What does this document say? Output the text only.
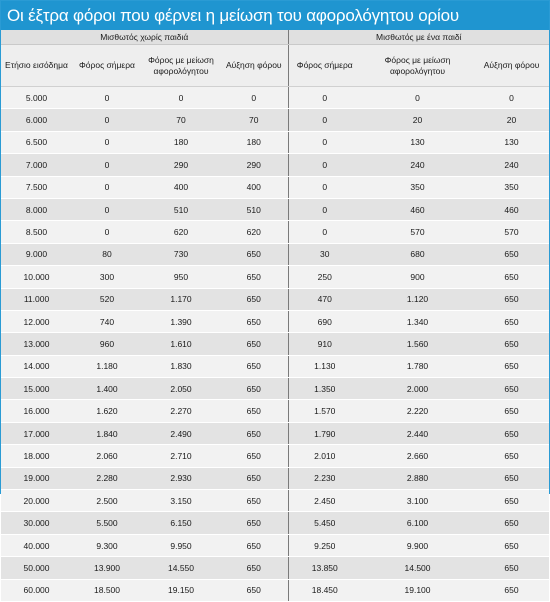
Οι έξτρα φόροι που φέρνει η μείωση του αφορολόγητου ορίου
Μισθωτός χωρίς παιδιά				Μισθωτός με ένα παιδί		
Ετήσιο εισόδημα	Φόρος σήμερα	Φόρος με μείωση αφορολόγητου	Αύξηση φόρου	Φόρος σήμερα	Φόρος με μείωση αφορολόγητου	Αύξηση φόρου
5.000	0	0	0	0	0	0
6.000	0	70	70	0	20	20
6.500	0	180	180	0	130	130
7.000	0	290	290	0	240	240
7.500	0	400	400	0	350	350
8.000	0	510	510	0	460	460
8.500	0	620	620	0	570	570
9.000	80	730	650	30	680	650
10.000	300	950	650	250	900	650
11.000	520	1.170	650	470	1.120	650
12.000	740	1.390	650	690	1.340	650
13.000	960	1.610	650	910	1.560	650
14.000	1.180	1.830	650	1.130	1.780	650
15.000	1.400	2.050	650	1.350	2.000	650
16.000	1.620	2.270	650	1.570	2.220	650
17.000	1.840	2.490	650	1.790	2.440	650
18.000	2.060	2.710	650	2.010	2.660	650
19.000	2.280	2.930	650	2.230	2.880	650
20.000	2.500	3.150	650	2.450	3.100	650
30.000	5.500	6.150	650	5.450	6.100	650
40.000	9.300	9.950	650	9.250	9.900	650
50.000	13.900	14.550	650	13.850	14.500	650
60.000	18.500	19.150	650	18.450	19.100	650
